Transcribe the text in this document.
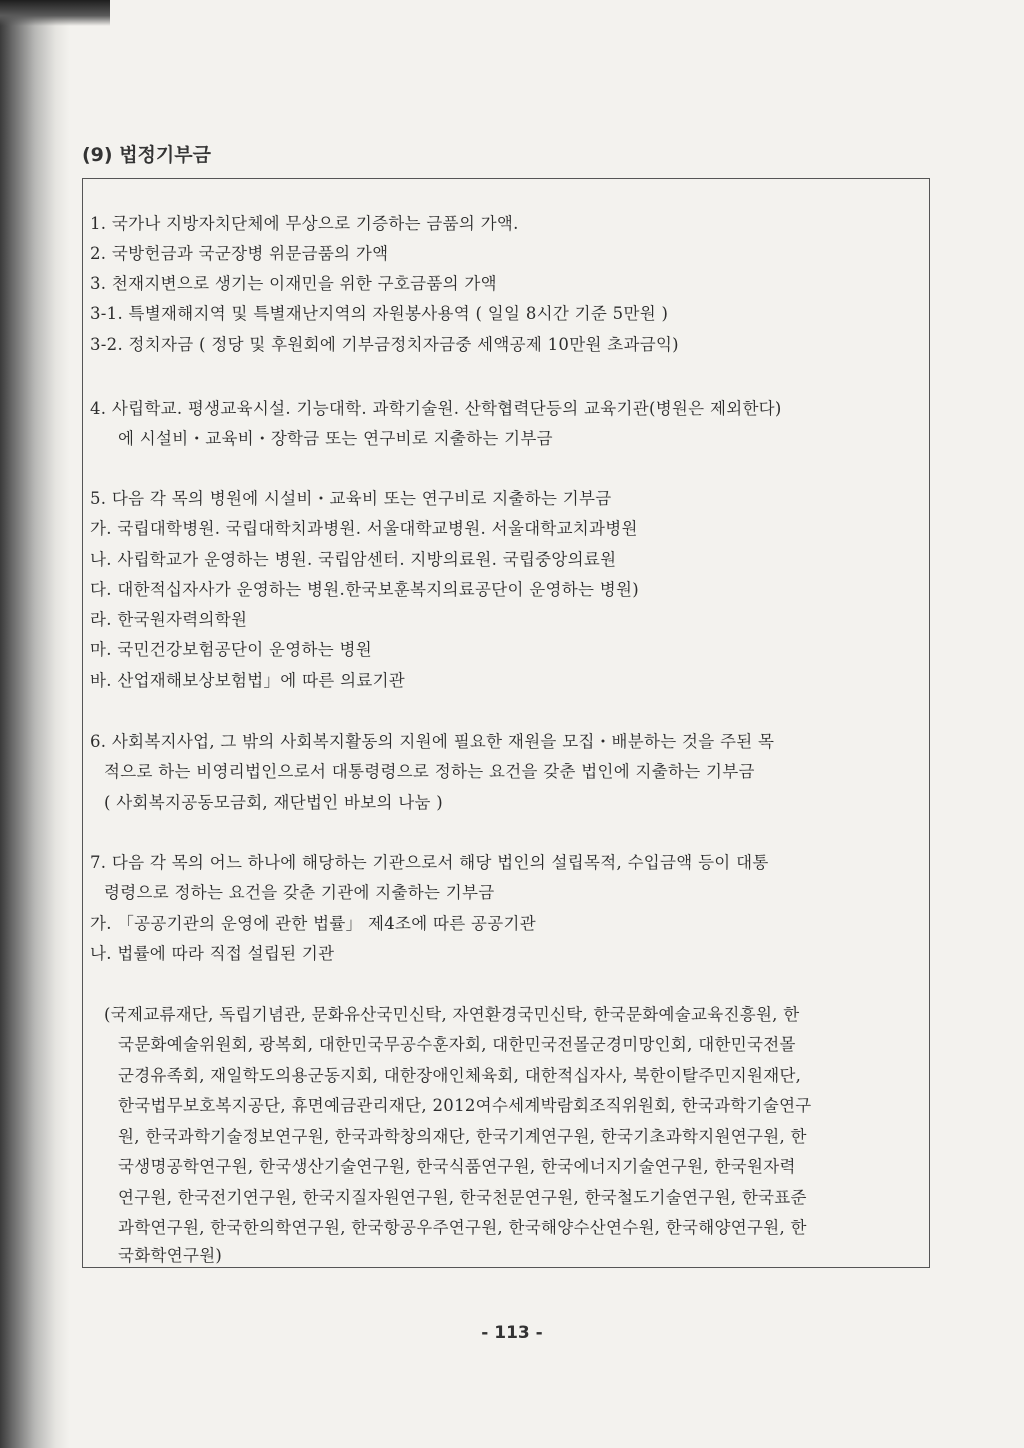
(9) 법정기부금
1. 국가나 지방자치단체에 무상으로 기증하는 금품의 가액.
2. 국방헌금과 국군장병 위문금품의 가액
3. 천재지변으로 생기는 이재민을 위한 구호금품의 가액
3-1. 특별재해지역 및 특별재난지역의 자원봉사용역 ( 일일 8시간 기준 5만원 )
3-2. 정치자금 ( 정당 및 후원회에 기부금정치자금중 세액공제 10만원 초과금익)
4. 사립학교. 평생교육시설. 기능대학. 과학기술원. 산학협력단등의 교육기관(병원은 제외한다)
에 시설비・교육비・장학금 또는 연구비로 지출하는 기부금
5. 다음 각 목의 병원에 시설비・교육비 또는 연구비로 지출하는 기부금
가. 국립대학병원. 국립대학치과병원. 서울대학교병원. 서울대학교치과병원
나. 사립학교가 운영하는 병원. 국립암센터. 지방의료원. 국립중앙의료원
다. 대한적십자사가 운영하는 병원.한국보훈복지의료공단이 운영하는 병원)
라. 한국원자력의학원
마. 국민건강보험공단이 운영하는 병원
바. 산업재해보상보험법」에 따른 의료기관
6. 사회복지사업, 그 밖의 사회복지활동의 지원에 필요한 재원을 모집・배분하는 것을 주된 목
적으로 하는 비영리법인으로서 대통령령으로 정하는 요건을 갖춘 법인에 지출하는 기부금
( 사회복지공동모금회, 재단법인 바보의 나눔 )
7. 다음 각 목의 어느 하나에 해당하는 기관으로서 해당 법인의 설립목적, 수입금액 등이 대통
령령으로 정하는 요건을 갖춘 기관에 지출하는 기부금
가. 「공공기관의 운영에 관한 법률」 제4조에 따른 공공기관
나. 법률에 따라 직접 설립된 기관
(국제교류재단, 독립기념관, 문화유산국민신탁, 자연환경국민신탁, 한국문화예술교육진흥원, 한
국문화예술위원회, 광복회, 대한민국무공수훈자회, 대한민국전몰군경미망인회, 대한민국전몰
군경유족회, 재일학도의용군동지회, 대한장애인체육회, 대한적십자사, 북한이탈주민지원재단,
한국법무보호복지공단, 휴면예금관리재단, 2012여수세계박람회조직위원회, 한국과학기술연구
원, 한국과학기술정보연구원, 한국과학창의재단, 한국기계연구원, 한국기초과학지원연구원, 한
국생명공학연구원, 한국생산기술연구원, 한국식품연구원, 한국에너지기술연구원, 한국원자력
연구원, 한국전기연구원, 한국지질자원연구원, 한국천문연구원, 한국철도기술연구원, 한국표준
과학연구원, 한국한의학연구원, 한국항공우주연구원, 한국해양수산연수원, 한국해양연구원, 한
국화학연구원)
- 113 -
